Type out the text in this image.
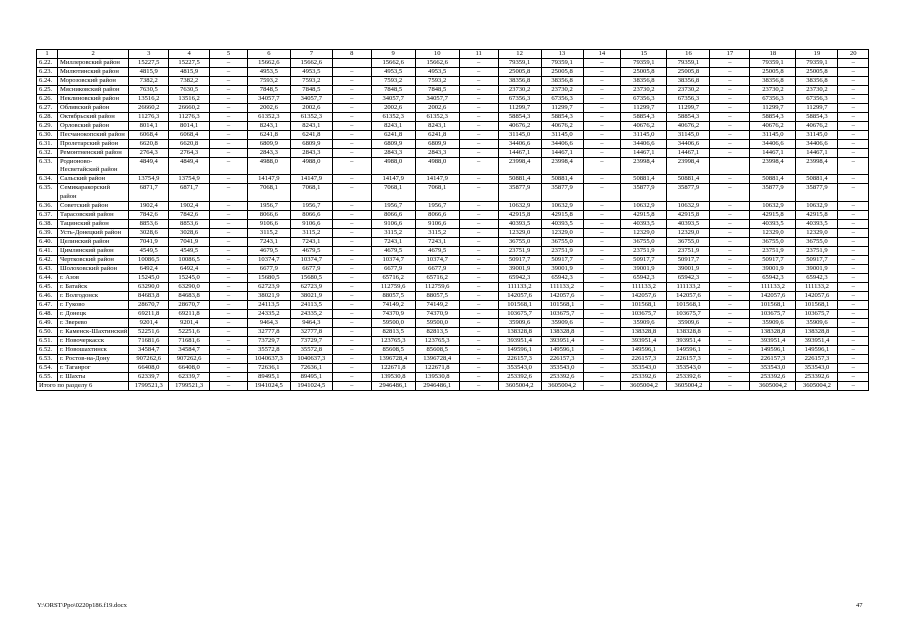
1	2	3	4	5	6	7	8	9	10	11	12	13	14	15	16	17	18	19	20
6.22.	Миллеровский район	15227,5	15227,5	–	15662,6	15662,6		15662,6	15662,6	–	79359,1	79359,1	–	79359,1	79359,1	–	79359,1	79359,1	–
6.23.	Милютинский район	4815,9	4815,9	–	4953,5	4953,5	–	4953,5	4953,5	–	25005,8	25005,8	–	25005,8	25005,8	–	25005,8	25005,8	–
6.24.	Морозовский район	7382,2	7382,2	–	7593,2	7593,2	–	7593,2	7593,2	–	38356,8	38356,8	–	38356,8	38356,8	–	38356,8	38356,8	–
6.25.	Мясниковский район	7630,5	7630,5	–	7848,5	7848,5	–	7848,5	7848,5	–	23730,2	23730,2	–	23730,2	23730,2	–	23730,2	23730,2	–
6.26.	Неклиновский район	13516,2	13516,2	–	34057,7	34057,7	–	34057,7	34057,7	–	67356,3	67356,3	–	67356,3	67356,3	–	67356,3	67356,3	–
6.27.	Обливский район	26660,2	26660,2	–	2002,6	2002,6	–	2002,6	2002,6	–	11299,7	11299,7	–	11299,7	11299,7	–	11299,7	11299,7	–
6.28.	Октябрьский район	11276,3	11276,3	–	61352,3	61352,3	–	61352,3	61352,3	–	58854,3	58854,3	–	58854,3	58854,3	–	58854,3	58854,3	–
6.29.	Орловский район	8014,1	8014,1	–	8243,1	8243,1	–	8243,1	8243,1	–	40676,2	40676,2	–	40676,2	40676,2	–	40676,2	40676,2	–
6.30.	Песчанокопский район	6068,4	6068,4	–	6241,8	6241,8	–	6241,8	6241,8	–	31145,0	31145,0	–	31145,0	31145,0	–	31145,0	31145,0	–
6.31.	Пролетарский район	6620,8	6620,8	–	6809,9	6809,9	–	6809,9	6809,9	–	34406,6	34406,6	–	34406,6	34406,6	–	34406,6	34406,6	–
6.32.	Ремонтненский район	2764,3	2764,3	–	2843,3	2843,3	–	2843,3	2843,3	–	14467,1	14467,1	–	14467,1	14467,1	–	14467,1	14467,1	–
6.33.	Родионово-Несветайский район	4849,4	4849,4	–	4988,0	4988,0	–	4988,0	4988,0	–	23998,4	23998,4	–	23998,4	23998,4		23998,4	23998,4	–
6.34.	Сальский район	13754,9	13754,9	–	14147,9	14147,9	–	14147,9	14147,9	–	50881,4	50881,4	–	50881,4	50881,4	–	50881,4	50881,4	–
6.35.	Семикаракорский район	6871,7	6871,7	–	7068,1	7068,1	–	7068,1	7068,1	–	35877,9	35877,9	–	35877,9	35877,9	–	35877,9	35877,9	–
6.36.	Советский район	1902,4	1902,4	–	1956,7	1956,7	–	1956,7	1956,7	–	10632,9	10632,9	–	10632,9	10632,9	–	10632,9	10632,9	–
6.37.	Тарасовский район	7842,6	7842,6	–	8066,6	8066,6	–	8066,6	8066,6	–	42915,8	42915,8	–	42915,8	42915,8	–	42915,8	42915,8	–
6.38.	Тацинский район	8853,6	8853,6	–	9106,6	9106,6	–	9106,6	9106,6	–	40393,5	40393,5	–	40393,5	40393,5	–	40393,5	40393,5	–
6.39.	Усть-Донецкий район	3028,6	3028,6	–	3115,2	3115,2	–	3115,2	3115,2	–	12329,0	12329,0	–	12329,0	12329,0	–	12329,0	12329,0	–
6.40.	Целинский район	7041,9	7041,9	–	7243,1	7243,1	–	7243,1	7243,1	–	36755,0	36755,0	–	36755,0	36755,0	–	36755,0	36755,0	–
6.41.	Цимлянский район	4549,5	4549,5	–	4679,5	4679,5	–	4679,5	4679,5	–	23751,9	23751,9	–	23751,9	23751,9	–	23751,9	23751,9	–
6.42.	Чертковский район	10086,5	10086,5	–	10374,7	10374,7	–	10374,7	10374,7	–	50917,7	50917,7	–	50917,7	50917,7	–	50917,7	50917,7	–
6.43.	Шолоховский район	6492,4	6492,4	–	6677,9	6677,9	–	6677,9	6677,9	–	39001,9	39001,9	–	39001,9	39001,9	–	39001,9	39001,9	–
6.44.	г. Азов	15245,0	15245,0	–	15680,5	15680,5	–	65716,2	65716,2	–	65942,3	65942,3	–	65942,3	65942,3	–	65942,3	65942,3	–
6.45.	г. Батайск	63290,0	63290,0	–	62723,9	62723,9	–	112759,6	112759,6	–	111133,2	111133,2	–	111133,2	111133,2	–	111133,2	111133,2	–
6.46.	г. Волгодонск	84683,8	84683,8	–	38021,9	38021,9	–	88057,5	88057,5	–	142057,6	142057,6	–	142057,6	142057,6	–	142057,6	142057,6	–
6.47.	г. Гуково	28670,7	28670,7	–	24113,5	24113,5	–	74149,2	74149,2	–	101568,1	101568,1	–	101568,1	101568,1	–	101568,1	101568,1	–
6.48.	г. Донецк	69211,8	69211,8	–	24335,2	24335,2	–	74370,9	74370,9	–	103675,7	103675,7	–	103675,7	103675,7	–	103675,7	103675,7	–
6.49.	г. Зверево	9201,4	9201,4	–	9464,3	9464,3	–	59500,0	59500,0	–	35909,6	35909,6	–	35909,6	35909,6	–	35909,6	35909,6	–
6.50.	г. Каменск-Шахтинский	52251,6	52251,6	–	32777,8	32777,8	–	82813,5	82813,5	–	138328,8	138328,8	–	138328,8	138328,8	–	138328,8	138328,8	–
6.51.	г. Новочеркасск	71681,6	71681,6	–	73729,7	73729,7	–	123765,3	123765,3	–	393951,4	393951,4	–	393951,4	393951,4	–	393951,4	393951,4	–
6.52.	г. Новошахтинск	34584,7	34584,7	–	35572,8	35572,8	–	85608,5	85608,5	–	149596,1	149596,1	–	149596,1	149596,1	–	149596,1	149596,1	–
6.53.	г. Ростов-на-Дону	907262,6	907262,6	–	1040637,3	1040637,3	–	1396728,4	1396728,4	–	226157,3	226157,3	–	226157,3	226157,3	–	226157,3	226157,3	–
6.54.	г. Таганрог	66408,0	66408,0	–	72636,1	72636,1	–	122671,8	122671,8	–	353543,0	353543,0	–	353543,0	353543,0	–	353543,0	353543,0	–
6.55.	г. Шахты	62339,7	62339,7	–	89495,1	89495,1	–	139530,8	139530,8	–	253392,6	253392,6	–	253392,6	253392,6	–	253392,6	253392,6	–
Итого по разделу 6		1799521,3	1799521,3	–	1941024,5	1941024,5	–	2946486,1	2946486,1	–	3605004,2	3605004,2	–	3605004,2	3605004,2	–	3605004,2	3605004,2	–
Y:\ORST\Ppo\0220p186.f19.docx	47
